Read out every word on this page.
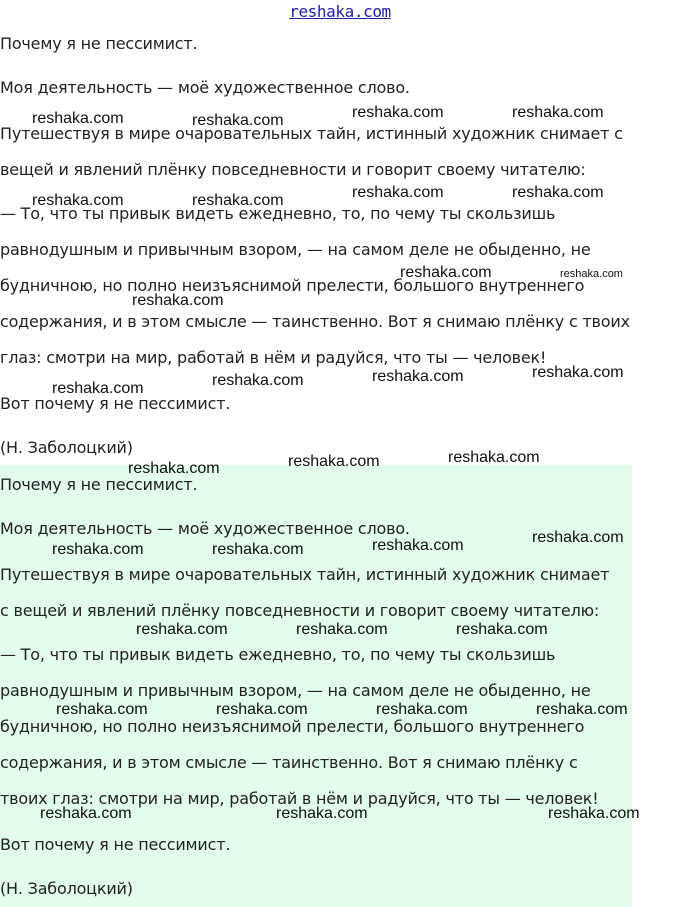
reshaka.com
Почему я не пессимист.
Моя деятельность — моё художественное слово.
Путешествуя в мире очаровательных тайн, истинный художник снимает с
вещей и явлений плёнку повседневности и говорит своему читателю:
— То, что ты привык видеть ежедневно, то, по чему ты скользишь
равнодушным и привычным взором, — на самом деле не обыденно, не
будничною, но полно неизъяснимой прелести, большого внутреннего
содержания, и в этом смысле — таинственно. Вот я снимаю плёнку с твоих
глаз: смотри на мир, работай в нём и радуйся, что ты — человек!
Вот почему я не пессимист.
(Н. Заболоцкий)
reshaka.com	reshaka.com
reshaka.com	reshaka.com
reshaka.com	reshaka.com
reshaka.com	reshaka.com
reshaka.com	reshaka.com
reshaka.com
reshaka.com
reshaka.com
reshaka.com
reshaka.com
Почему я не пессимист.
Моя деятельность — моё художественное слово.
Путешествуя в мире очаровательных тайн, истинный художник снимает
с вещей и явлений плёнку повседневности и говорит своему читателю:
— То, что ты привык видеть ежедневно, то, по чему ты скользишь
равнодушным и привычным взором, — на самом деле не обыденно, не
будничною, но полно неизъяснимой прелести, большого внутреннего
содержания, и в этом смысле — таинственно. Вот я снимаю плёнку с
твоих глаз: смотри на мир, работай в нём и радуйся, что ты — человек!
Вот почему я не пессимист.
(Н. Заболоцкий)
reshaka.com
reshaka.com
reshaka.com
reshaka.com
reshaka.com
reshaka.com
reshaka.com
reshaka.com	reshaka.com	reshaka.com
reshaka.com	reshaka.com	reshaka.com	reshaka.com
reshaka.com	reshaka.com	reshaka.com
